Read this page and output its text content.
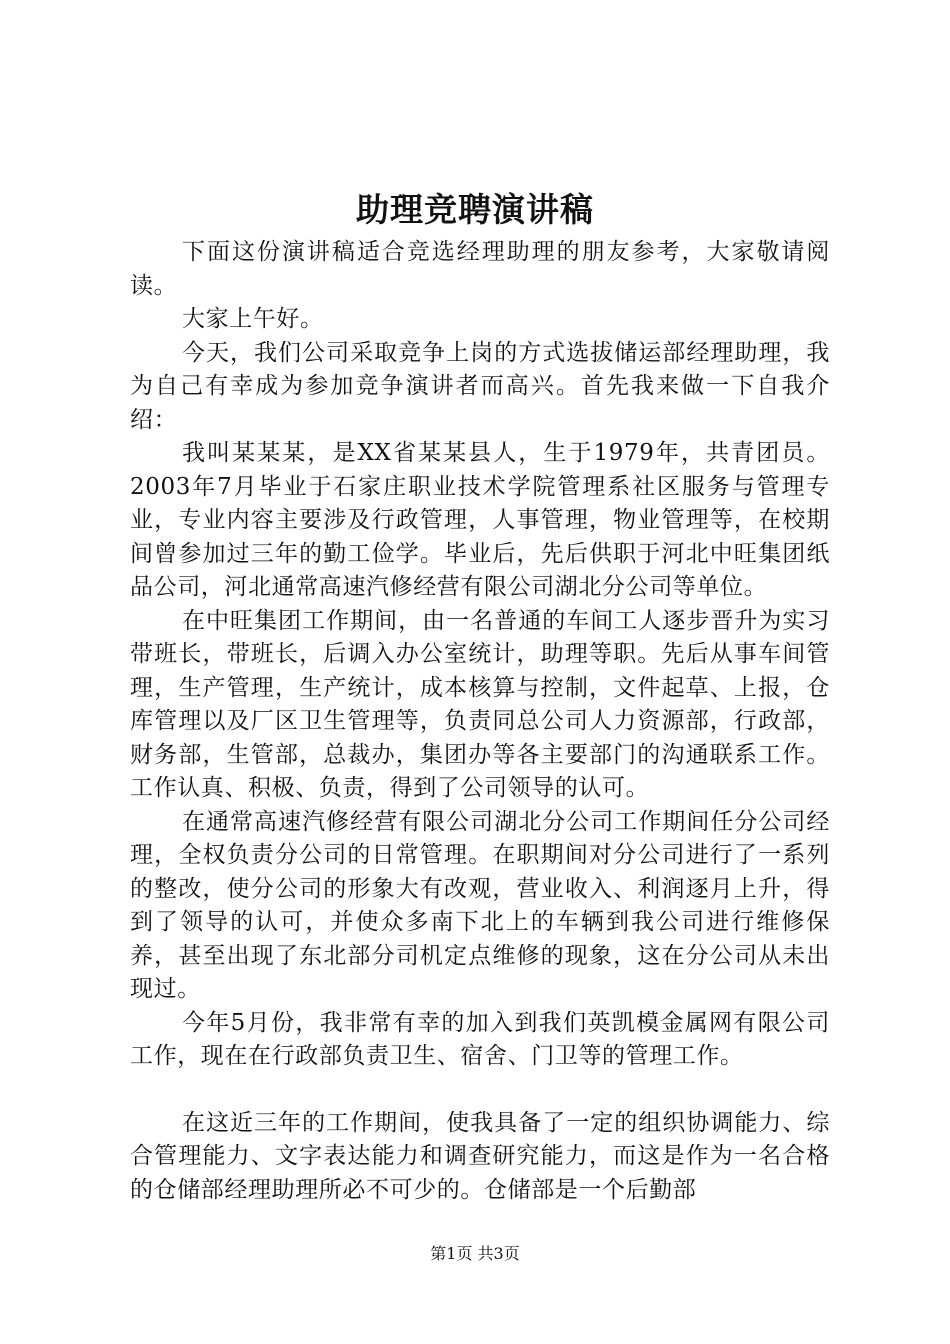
助理竞聘演讲稿

下面这份演讲稿适合竞选经理助理的朋友参考，大家敬请阅读。

大家上午好。

今天，我们公司采取竞争上岗的方式选拔储运部经理助理，我为自己有幸成为参加竞争演讲者而高兴。首先我来做一下自我介绍：

我叫某某某，是XX省某某县人，生于1979年，共青团员。2003年7月毕业于石家庄职业技术学院管理系社区服务与管理专业，专业内容主要涉及行政管理，人事管理，物业管理等，在校期间曾参加过三年的勤工俭学。毕业后，先后供职于河北中旺集团纸品公司，河北通常高速汽修经营有限公司湖北分公司等单位。

在中旺集团工作期间，由一名普通的车间工人逐步晋升为实习带班长，带班长，后调入办公室统计，助理等职。先后从事车间管理，生产管理，生产统计，成本核算与控制，文件起草、上报，仓库管理以及厂区卫生管理等，负责同总公司人力资源部，行政部，财务部，生管部，总裁办，集团办等各主要部门的沟通联系工作。工作认真、积极、负责，得到了公司领导的认可。

在通常高速汽修经营有限公司湖北分公司工作期间任分公司经理，全权负责分公司的日常管理。在职期间对分公司进行了一系列的整改，使分公司的形象大有改观，营业收入、利润逐月上升，得到了领导的认可，并使众多南下北上的车辆到我公司进行维修保养，甚至出现了东北部分司机定点维修的现象，这在分公司从未出现过。

今年5月份，我非常有幸的加入到我们英凯模金属网有限公司工作，现在在行政部负责卫生、宿舍、门卫等的管理工作。

在这近三年的工作期间，使我具备了一定的组织协调能力、综合管理能力、文字表达能力和调查研究能力，而这是作为一名合格的仓储部经理助理所必不可少的。仓储部是一个后勤部

第1页 共3页
